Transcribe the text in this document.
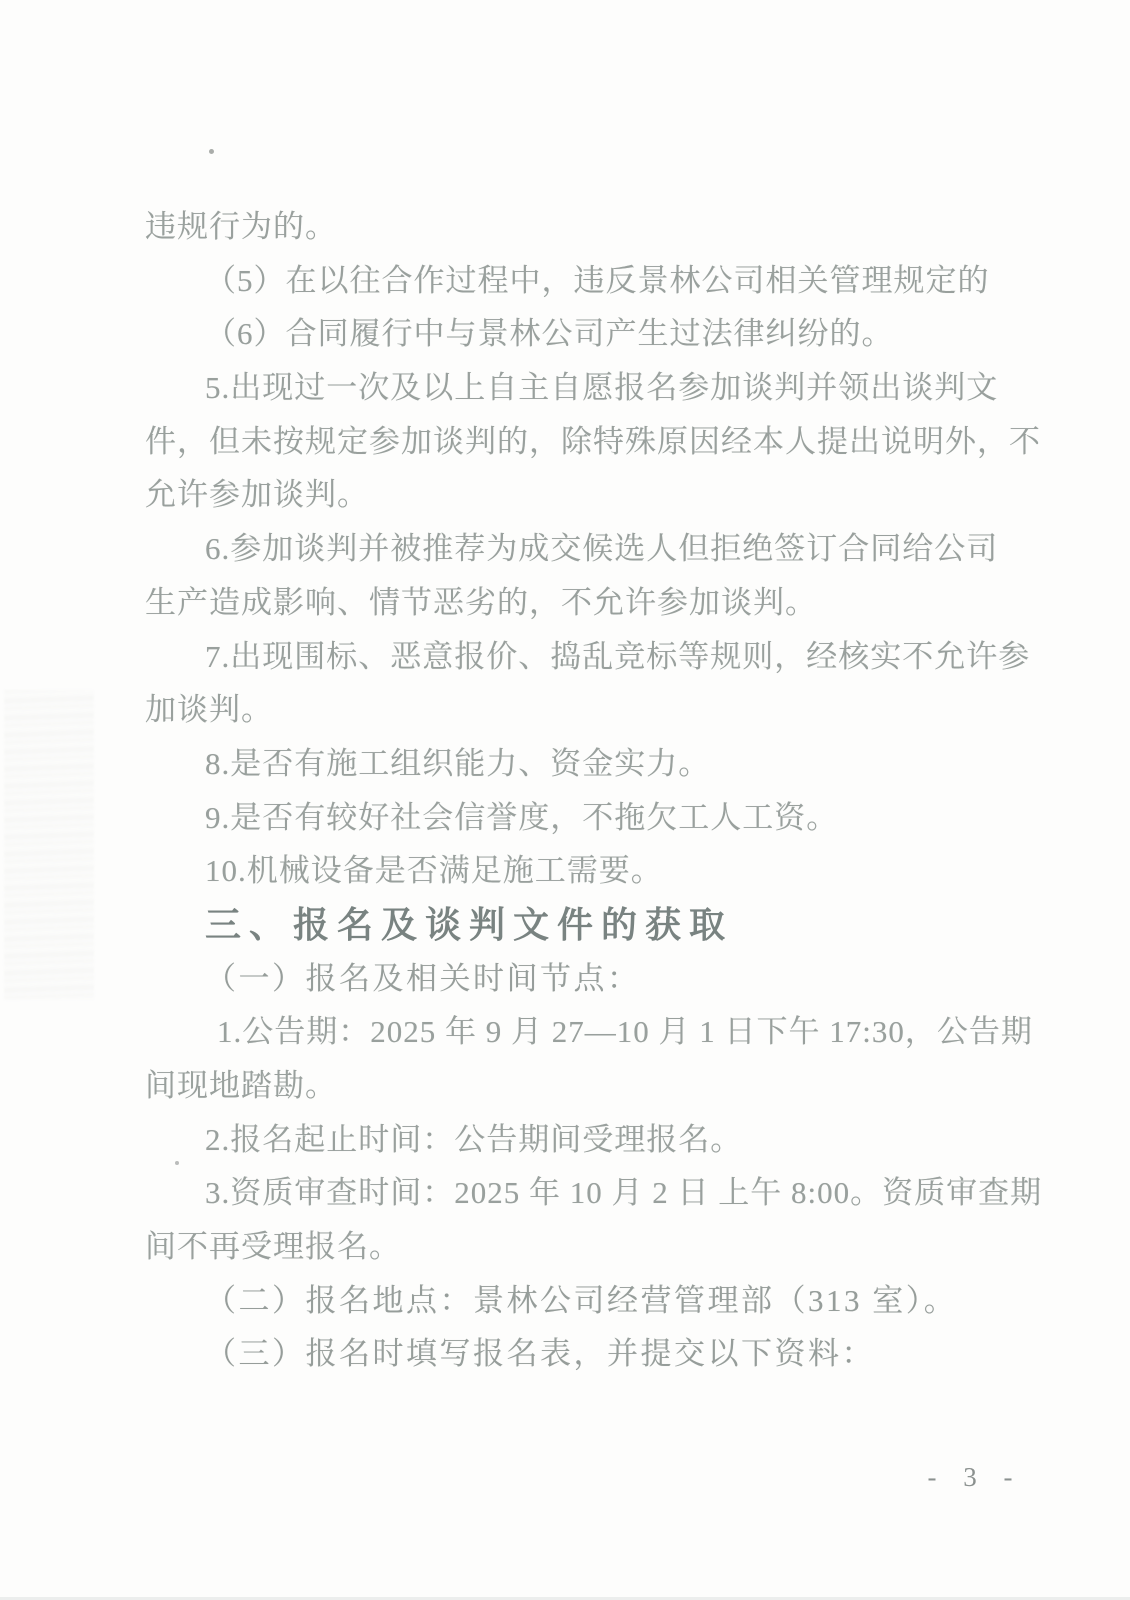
违规行为的。
（5）在以往合作过程中，违反景林公司相关管理规定的
（6）合同履行中与景林公司产生过法律纠纷的。
5.出现过一次及以上自主自愿报名参加谈判并领出谈判文
件，但未按规定参加谈判的，除特殊原因经本人提出说明外，不
允许参加谈判。
6.参加谈判并被推荐为成交候选人但拒绝签订合同给公司
生产造成影响、情节恶劣的，不允许参加谈判。
7.出现围标、恶意报价、捣乱竞标等规则，经核实不允许参
加谈判。
8.是否有施工组织能力、资金实力。
9.是否有较好社会信誉度，不拖欠工人工资。
10.机械设备是否满足施工需要。
三、报名及谈判文件的获取
（一）报名及相关时间节点：
1.公告期：2025 年 9 月 27—10 月 1 日下午 17:30，公告期
间现地踏勘。
2.报名起止时间：公告期间受理报名。
3.资质审查时间：2025 年 10 月 2 日 上午 8:00。资质审查期
间不再受理报名。
（二）报名地点：景林公司经营管理部（313 室）。
（三）报名时填写报名表，并提交以下资料：
- 3 -
